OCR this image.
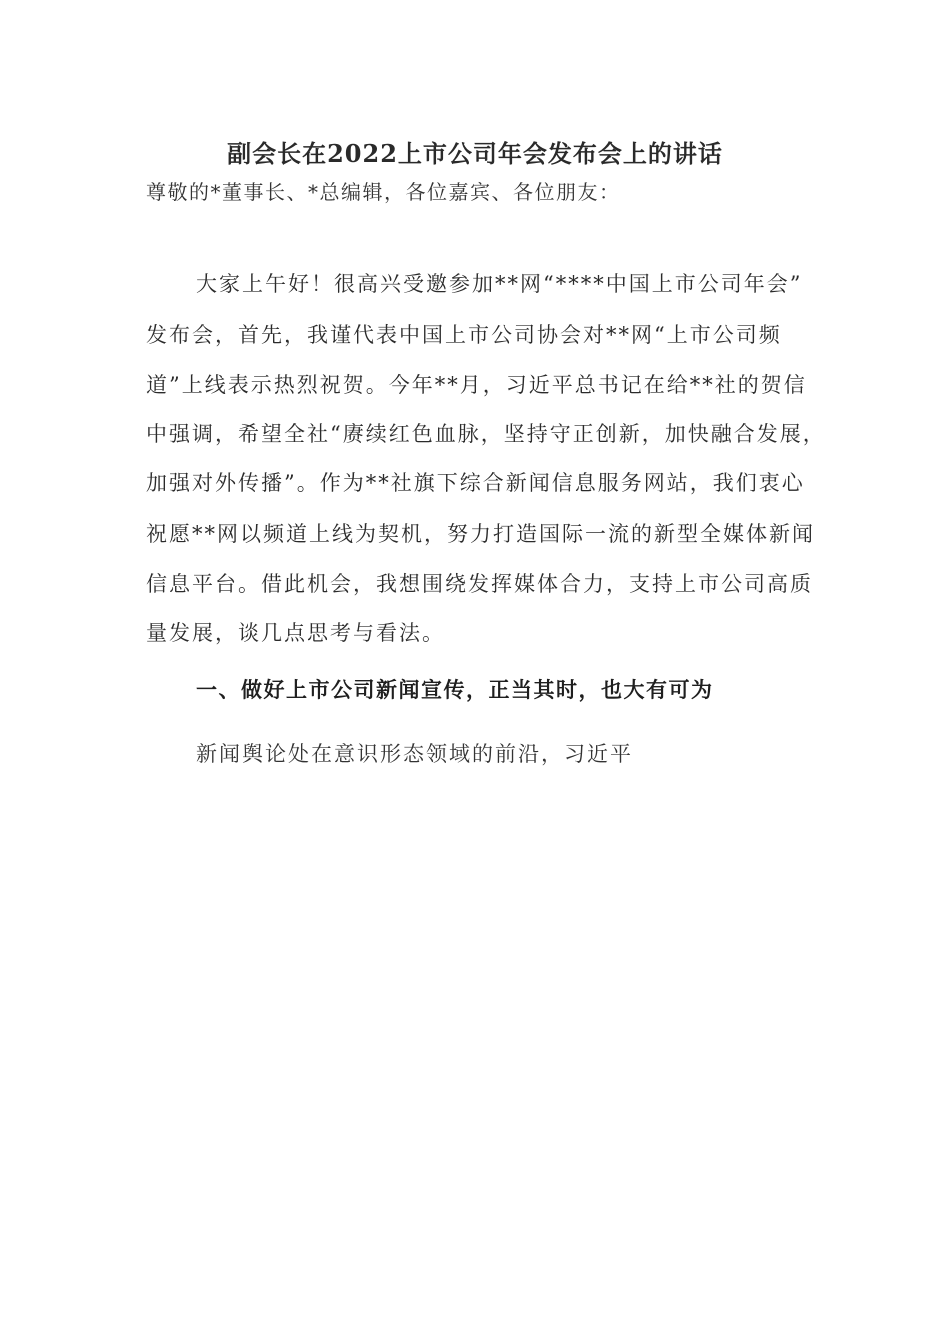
副会长在2022上市公司年会发布会上的讲话
尊敬的*董事长、*总编辑，各位嘉宾、各位朋友：
大家上午好！很高兴受邀参加**网“****中国上市公司年会”
发布会，首先，我谨代表中国上市公司协会对**网“上市公司频
道”上线表示热烈祝贺。今年**月，习近平总书记在给**社的贺信
中强调，希望全社“赓续红色血脉，坚持守正创新，加快融合发展，
加强对外传播”。作为**社旗下综合新闻信息服务网站，我们衷心
祝愿**网以频道上线为契机，努力打造国际一流的新型全媒体新闻
信息平台。借此机会，我想围绕发挥媒体合力，支持上市公司高质
量发展，谈几点思考与看法。
一、做好上市公司新闻宣传，正当其时，也大有可为
新闻舆论处在意识形态领域的前沿，习近平
